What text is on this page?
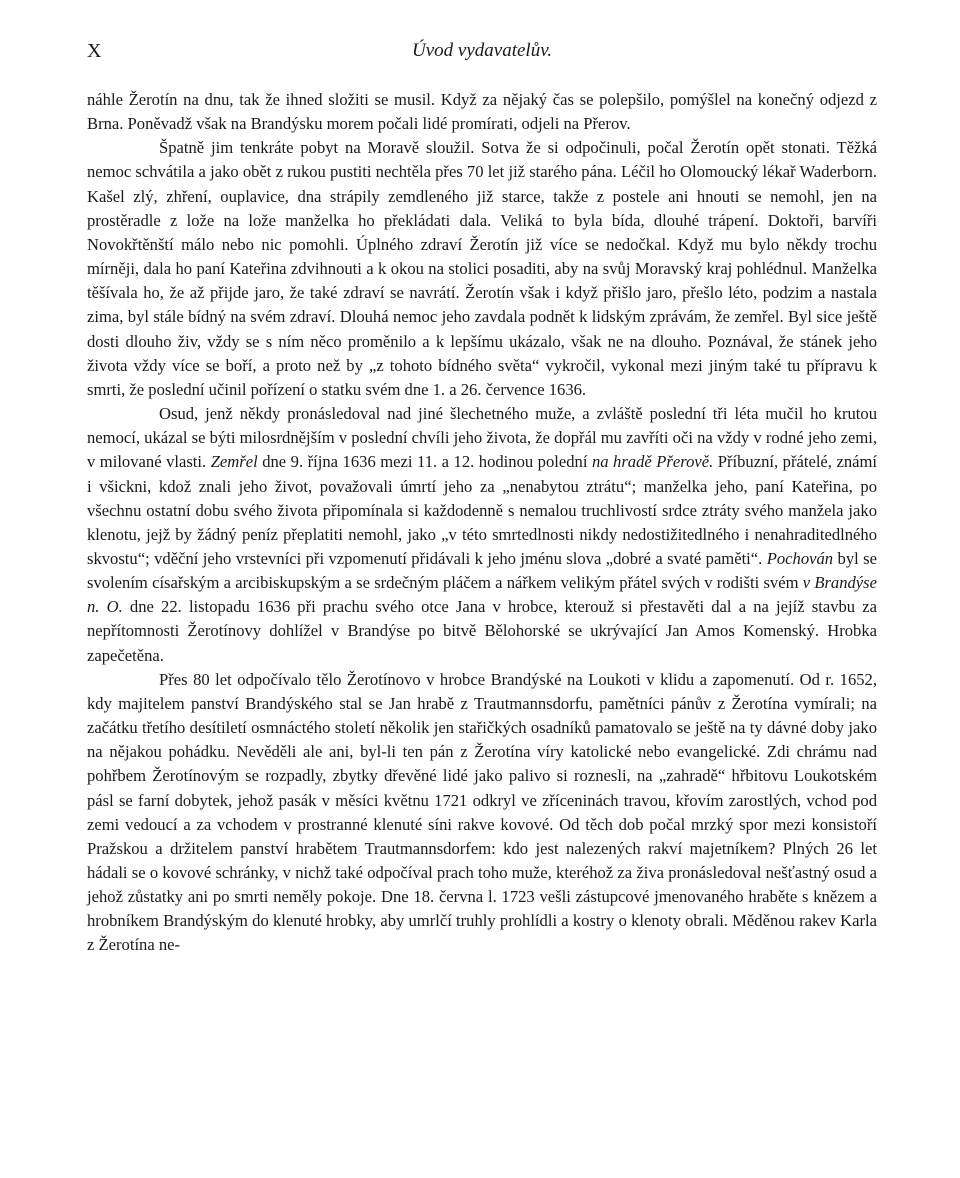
X	Úvod vydavatelův.

náhle Žerotín na dnu, tak že ihned složiti se musil. Když za nějaký čas se polepšilo, pomýšlel na konečný odjezd z Brna. Poněvadž však na Brandýsku morem počali lidé promírati, odjeli na Přerov.

Špatně jim tenkráte pobyt na Moravě sloužil. Sotva že si odpočinuli, počal Žerotín opět stonati. Těžká nemoc schvátila a jako obět z rukou pustiti nechtěla přes 70 let již starého pána. Léčil ho Olomoucký lékař Waderborn. Kašel zlý, zhření, ouplavice, dna strápily zemdleného již starce, takže z postele ani hnouti se nemohl, jen na prostěradle z lože na lože manželka ho překládati dala. Veliká to byla bída, dlouhé trápení. Doktoři, barvíři Novokřtěnští málo nebo nic pomohli. Úplného zdraví Žerotín již více se nedočkal. Když mu bylo někdy trochu mírněji, dala ho paní Kateřina zdvihnouti a k okou na stolici posaditi, aby na svůj Moravský kraj pohlédnul. Manželka těšívala ho, že až přijde jaro, že také zdraví se navrátí. Žerotín však i když přišlo jaro, přešlo léto, podzim a nastala zima, byl stále bídný na svém zdraví. Dlouhá nemoc jeho zavdala podnět k lidským zprávám, že zemřel. Byl sice ještě dosti dlouho živ, vždy se s ním něco proměnilo a k lepšímu ukázalo, však ne na dlouho. Poznával, že stánek jeho života vždy více se boří, a proto než by „z tohoto bídného světa“ vykročil, vykonal mezi jiným také tu přípravu k smrti, že poslední učinil pořízení o statku svém dne 1. a 26. července 1636.

Osud, jenž někdy pronásledoval nad jiné šlechetného muže, a zvláště poslední tři léta mučil ho krutou nemocí, ukázal se býti milosrdnějším v poslední chvíli jeho života, že dopřál mu zavříti oči na vždy v rodné jeho zemi, v milované vlasti. Zemřel dne 9. října 1636 mezi 11. a 12. hodinou polední na hradě Přerově. Příbuzní, přátelé, známí i všickni, kdož znali jeho život, považovali úmrtí jeho za „nenabytou ztrátu“; manželka jeho, paní Kateřina, po všechnu ostatní dobu svého života připomínala si každodenně s nemalou truchlivostí srdce ztráty svého manžela jako klenotu, jejž by žádný peníz přeplatiti nemohl, jako „v této smrtedlnosti nikdy nedostižitedlného i nenahraditedlného skvostu“; vděční jeho vrstevníci při vzpomenutí přidávali k jeho jménu slova „dobré a svaté paměti“. Pochován byl se svolením císařským a arcibiskupským a se srdečným pláčem a nářkem velikým přátel svých v rodišti svém v Brandýse n. O. dne 22. listopadu 1636 při prachu svého otce Jana v hrobce, kterouž si přestavěti dal a na jejíž stavbu za nepřítomnosti Žerotínovy dohlížel v Brandýse po bitvě Bělohorské se ukrývající Jan Amos Komenský. Hrobka zapečetěna.

Přes 80 let odpočívalo tělo Žerotínovo v hrobce Brandýské na Loukoti v klidu a zapomenutí. Od r. 1652, kdy majitelem panství Brandýského stal se Jan hrabě z Trautmannsdorfu, pamětníci pánův z Žerotína vymírali; na začátku třetího desítiletí osmnáctého století několik jen stařičkých osadníků pamatovalo se ještě na ty dávné doby jako na nějakou pohádku. Nevěděli ale ani, byl-li ten pán z Žerotína víry katolické nebo evangelické. Zdi chrámu nad pohřbem Žerotínovým se rozpadly, zbytky dřevěné lidé jako palivo si roznesli, na „zahradě“ hřbitovu Loukotském pásl se farní dobytek, jehož pasák v měsíci květnu 1721 odkryl ve zříceninách travou, křovím zarostlých, vchod pod zemi vedoucí a za vchodem v prostranné klenuté síni rakve kovové. Od těch dob počal mrzký spor mezi konsistoří Pražskou a držitelem panství hrabětem Trautmannsdorfem: kdo jest nalezených rakví majetníkem? Plných 26 let hádali se o kovové schránky, v nichž také odpočíval prach toho muže, kteréhož za živa pronásledoval nešťastný osud a jehož zůstatky ani po smrti neměly pokoje. Dne 18. června l. 1723 vešli zástupcové jmenovaného hraběte s knězem a hrobníkem Brandýským do klenuté hrobky, aby umrlčí truhly prohlídli a kostry o klenoty obrali. Měděnou rakev Karla z Žerotína ne-
